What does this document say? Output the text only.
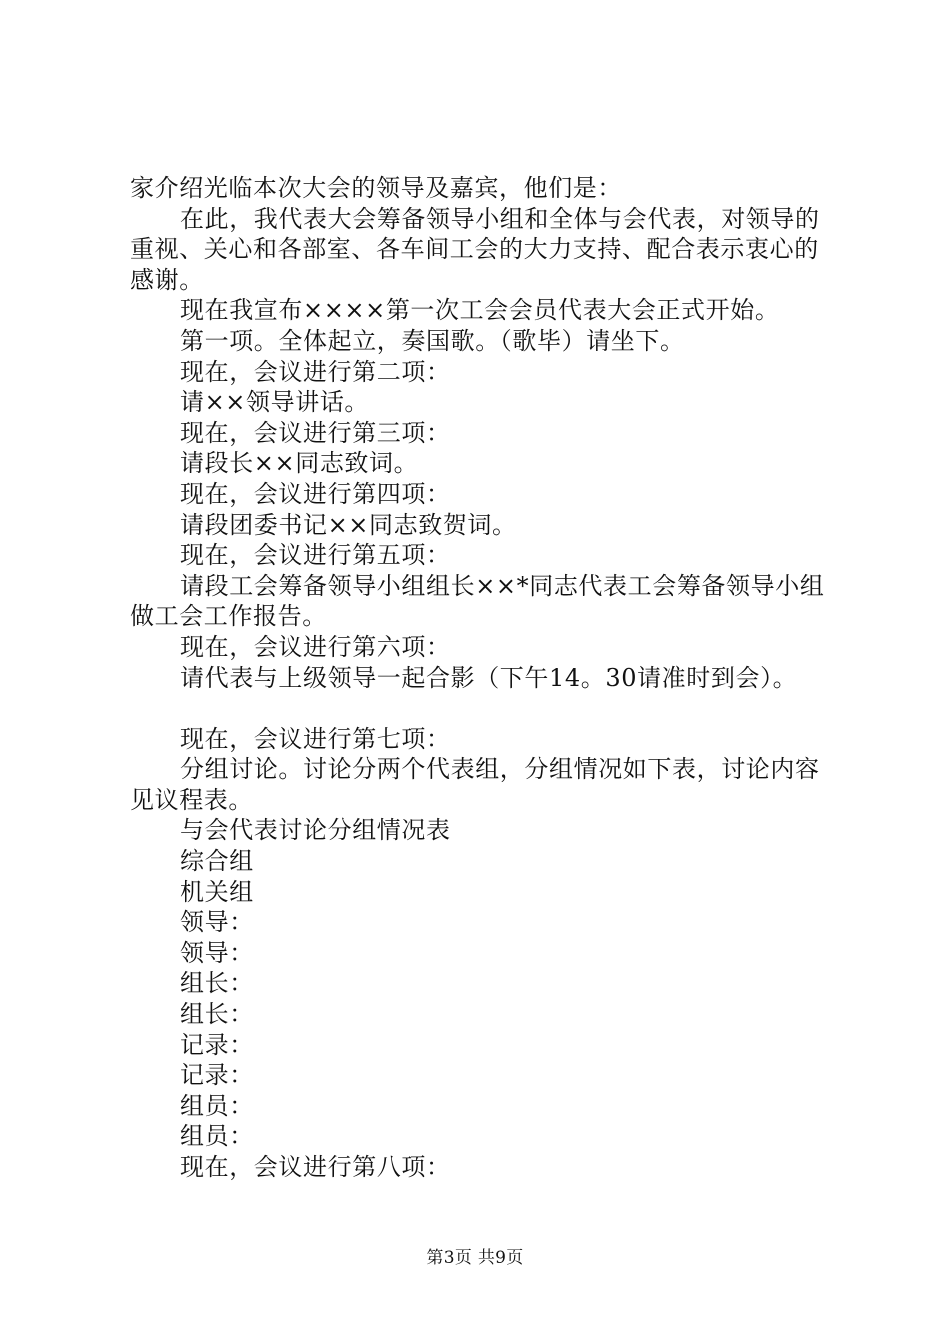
家介绍光临本次大会的领导及嘉宾，他们是：

在此，我代表大会筹备领导小组和全体与会代表，对领导的重视、关心和各部室、各车间工会的大力支持、配合表示衷心的感谢。

现在我宣布××××第一次工会会员代表大会正式开始。

第一项。全体起立，奏国歌。（歌毕）请坐下。

现在，会议进行第二项：

请××领导讲话。

现在，会议进行第三项：

请段长××同志致词。

现在，会议进行第四项：

请段团委书记××同志致贺词。

现在，会议进行第五项：

请段工会筹备领导小组组长××*同志代表工会筹备领导小组做工会工作报告。

现在，会议进行第六项：

请代表与上级领导一起合影（下午14。30请准时到会）。

现在，会议进行第七项：

分组讨论。讨论分两个代表组，分组情况如下表，讨论内容见议程表。

与会代表讨论分组情况表

综合组

机关组

领导：

领导：

组长：

组长：

记录：

记录：

组员：

组员：

现在，会议进行第八项：

第3页 共9页
